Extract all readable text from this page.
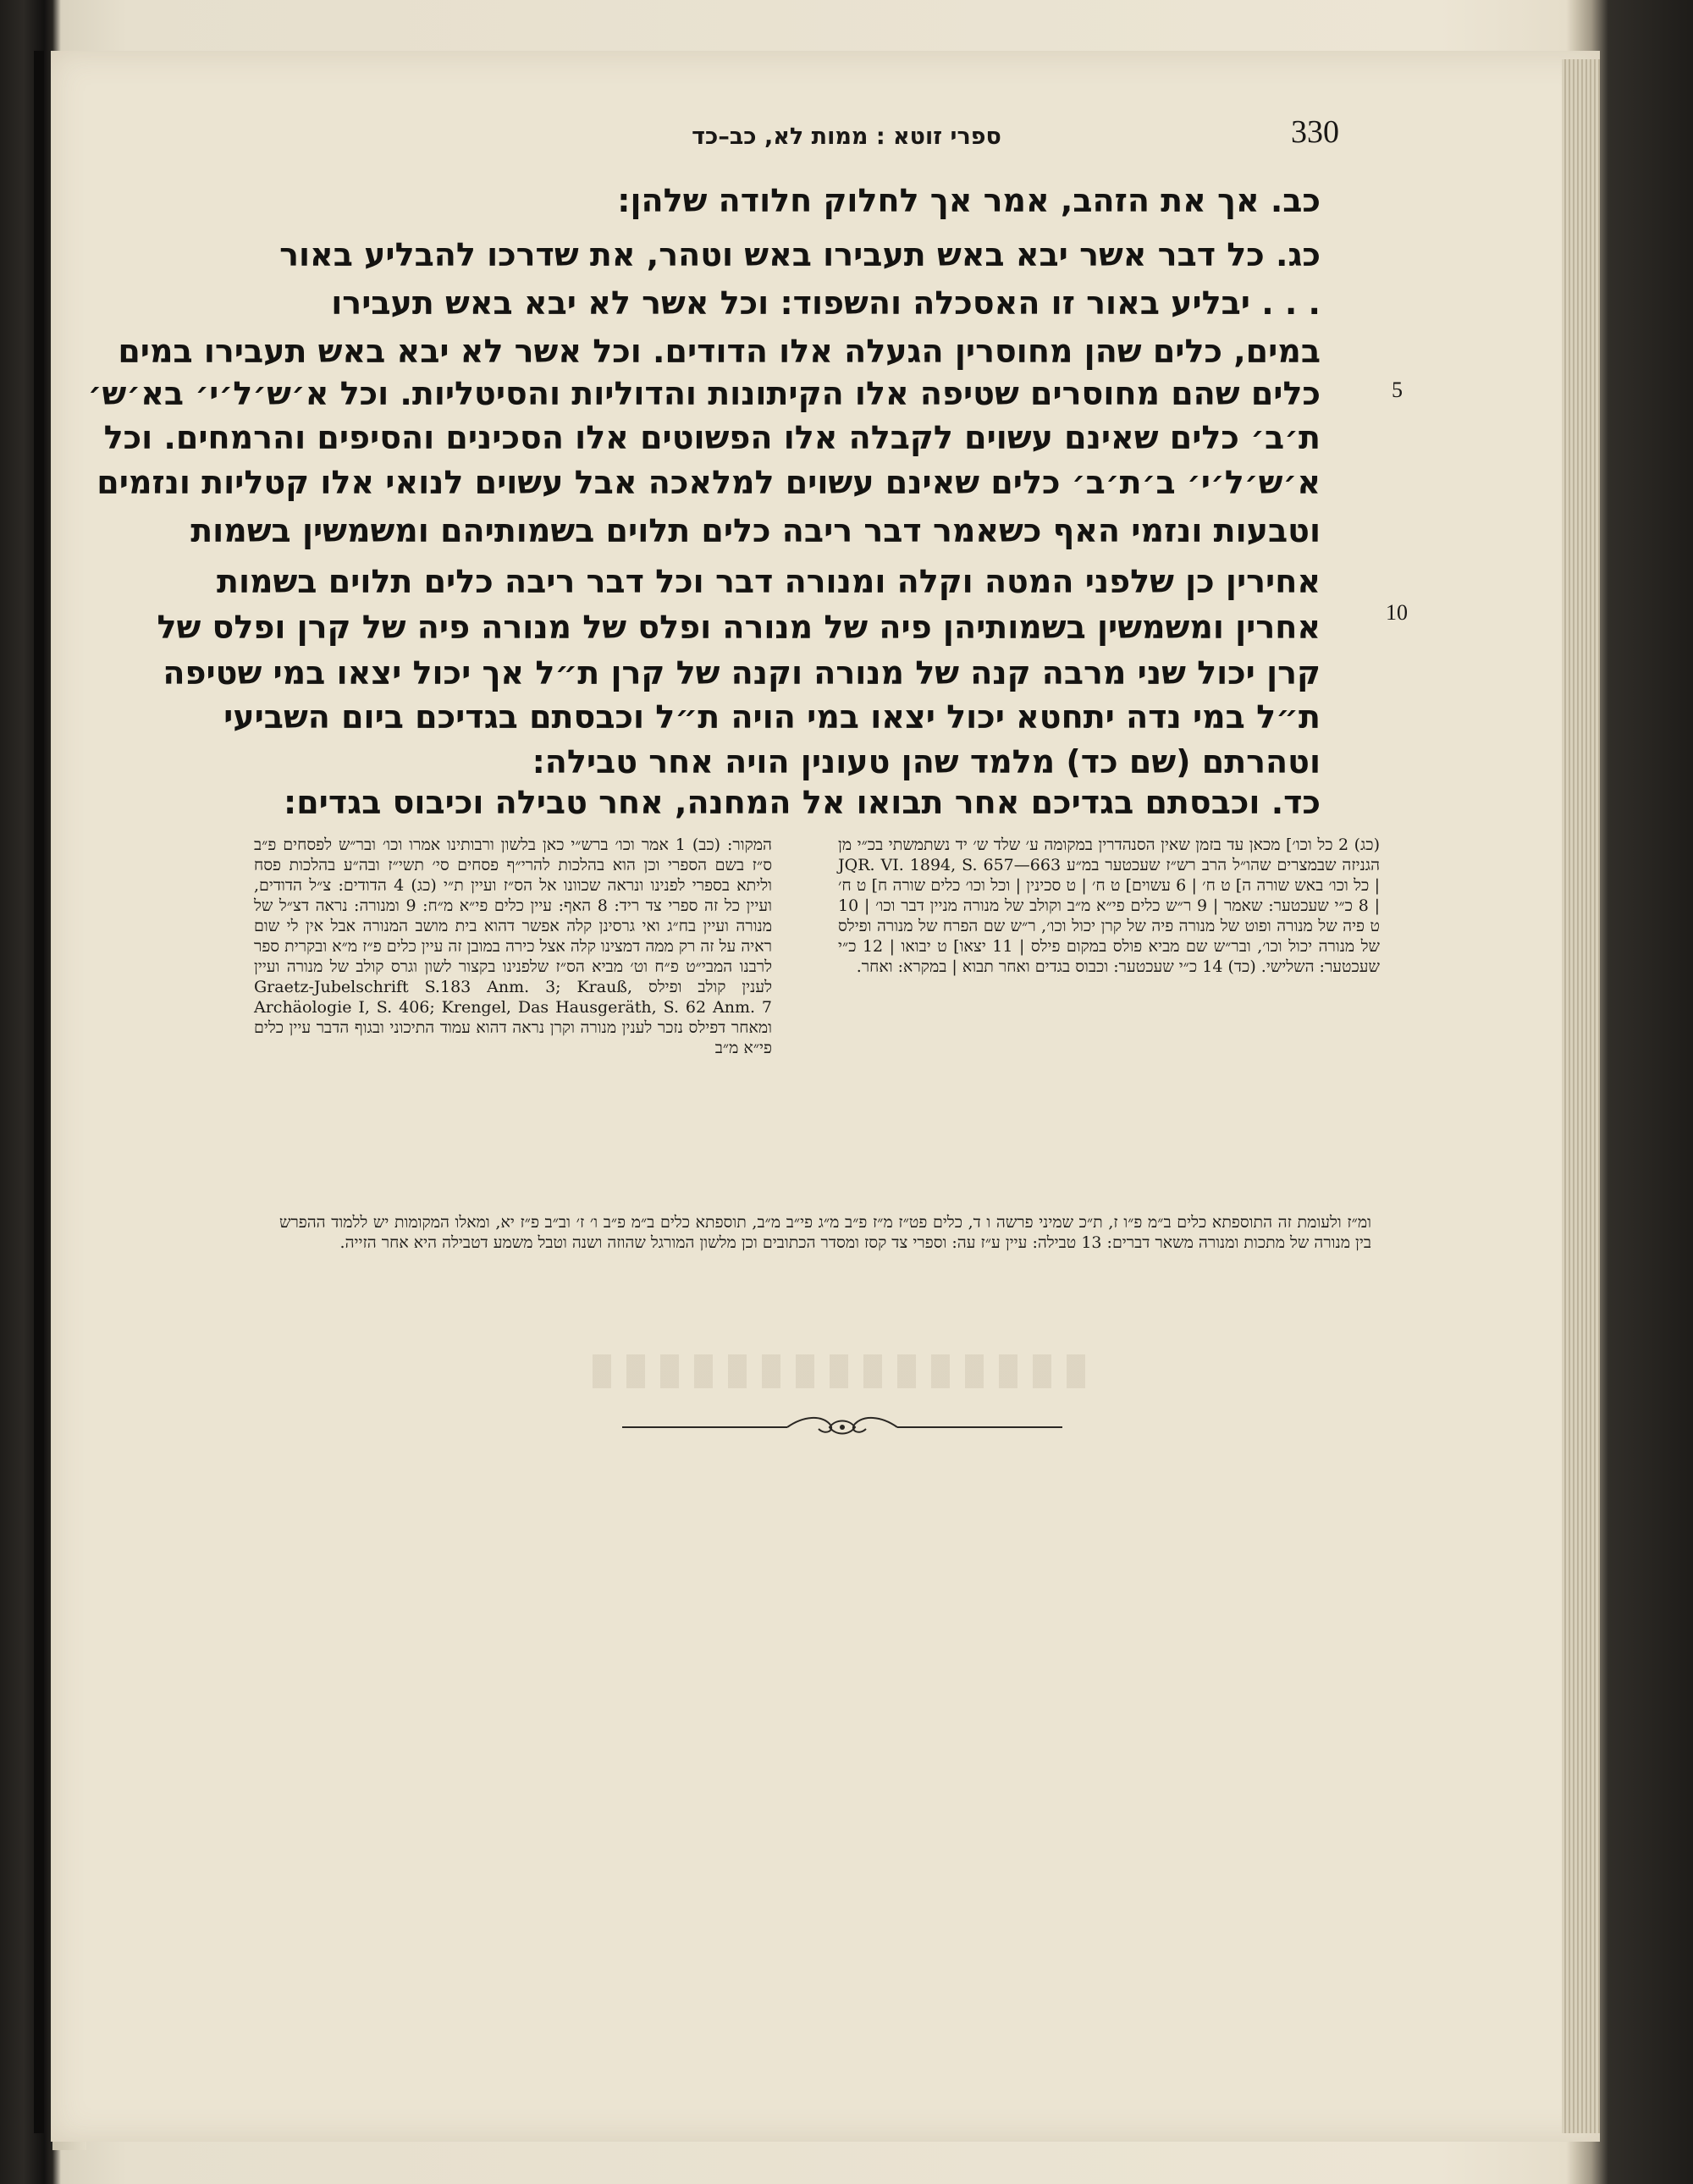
ספרי זוטא : ממות לא, כב–כד	330
כב. אך את הזהב, אמר אך לחלוק חלודה שלהן:
כג. כל דבר אשר יבא באש תעבירו באש וטהר, את שדרכו להבליע באור
. . . יבליע באור זו האסכלה והשפוד: וכל אשר לא יבא באש תעבירו
במים, כלים שהן מחוסרין הגעלה אלו הדודים. וכל אשר לא יבא באש תעבירו במים
כלים שהם מחוסרים שטיפה אלו הקיתונות והדוליות והסיטליות. וכל א׳ש׳ל׳י׳ בא׳ש׳
ת׳ב׳ כלים שאינם עשוים לקבלה אלו הפשוטים אלו הסכינים והסיפים והרמחים. וכל
א׳ש׳ל׳י׳ ב׳ת׳ב׳ כלים שאינם עשוים למלאכה אבל עשוים לנואי אלו קטליות ונזמים
וטבעות ונזמי האף כשאמר דבר ריבה כלים תלוים בשמותיהם ומשמשין בשמות
אחירין כן שלפני המטה וקלה ומנורה דבר וכל דבר ריבה כלים תלוים בשמות
אחרין ומשמשין בשמותיהן פיה של מנורה ופלס של מנורה פיה של קרן ופלס של
קרן יכול שני מרבה קנה של מנורה וקנה של קרן ת״ל אך יכול יצאו במי שטיפה
ת״ל במי נדה יתחטא יכול יצאו במי הויה ת״ל וכבסתם בגדיכם ביום השביעי
וטהרתם (שם כד) מלמד שהן טעונין הויה אחר טבילה:
כד. וכבסתם בגדיכם אחר תבואו אל המחנה, אחר טבילה וכיבוס בגדים:
5
10
(כג) 2 כל וכו׳] מכאן עד בזמן שאין הסנהדרין במקומה ע׳ שלד ש׳ יד נשתמשתי בכ״י מן הגניזה שבמצרים שהו״ל הרב רש״ז שעכטער במ״ע JQR. VI. 1894, S. 657—663 | כל וכו׳ באש שורה ה] ט ח׳ | 6 עשוים] ט ח׳ | ט סכינין | וכל וכו׳ כלים שורה ח] ט ח׳ | 8 כ״י שעכטער: שאמר | 9 ר״ש כלים פי״א מ״ב וקולב של מנורה מניין דבר וכו׳ | 10 ט פיה של מנורה ופוט של מנורה פיה של קרן יכול וכו׳, ר״ש שם הפרח של מנורה ופילס של מנורה יכול וכו׳, ובר״ש שם מביא פולס במקום פילס | 11 יצאו] ט יבואו | 12 כ״י שעכטער: השלישי. (כד) 14 כ״י שעכטער: וכבוס בגדים ואחר תבוא | במקרא: ואחר.
המקור: (כב) 1 אמר וכו׳ ברש״י כאן בלשון ורבותינו אמרו וכו׳ ובר״ש לפסחים פ״ב ס״ז בשם הספרי וכן הוא בהלכות להרי״ף פסחים סי׳ תשי״ז ובה״ע בהלכות פסח וליתא בספרי לפנינו ונראה שכוונו אל הס״ז ועיין ת״י (כג) 4 הדודים: צ״ל הדודים, ועיין כל זה ספרי צד ריד: 8 האף: עיין כלים פי״א מ״ח: 9 ומנורה: נראה דצ״ל של מנורה ועיין בח״ג ואי גרסינן קלה אפשר דהוא בית מושב המנורה אבל אין לי שום ראיה על זה רק ממה דמצינו קלה אצל כירה במובן זה עיין כלים פ״ז מ״א ובקרית ספר לרבנו המבי״ט פ״ח וט׳ מביא הס״ז שלפנינו בקצור לשון וגרס קולב של מנורה ועיין לענין קולב ופילס Graetz-Jubelschrift S.183 Anm. 3; Krauß, Archäologie I, S. 406; Krengel, Das Hausgeräth, S. 62 Anm. 7 ומאחר דפילס נזכר לענין מנורה וקרן נראה דהוא עמוד התיכוני ובגוף הדבר עיין כלים פי״א מ״ב
ומ״ז ולעומת זה התוספתא כלים ב״מ פ״ו ז, ת״כ שמיני פרשה ו ד, כלים פט״ז מ״ז פ״ב מ״ג פי״ב מ״ב, תוספתא כלים ב״מ פ״ב ו׳ ז׳ וב״ב פ״ז יא, ומאלו המקומות יש ללמוד ההפרש בין מנורה של מתכות ומנורה משאר דברים: 13 טבילה: עיין ע״ז עה: וספרי צד קסז ומסדר הכתובים וכן מלשון המורגל שהוזה ושנה וטבל משמע דטבילה היא אחר הזייה.
